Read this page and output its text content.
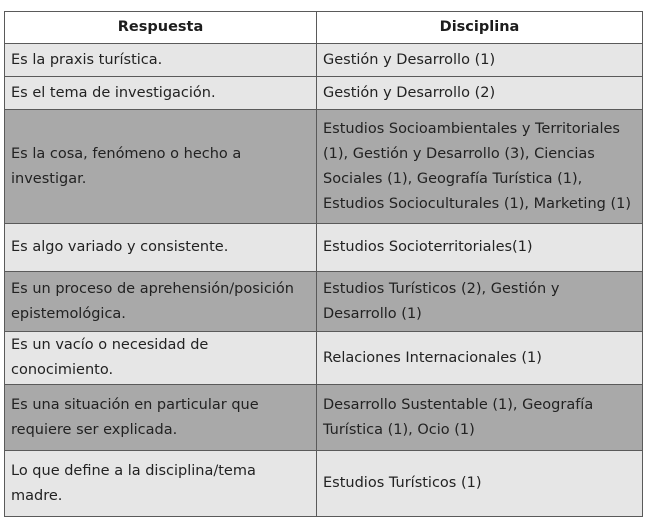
Respuesta	Disciplina
Es la praxis turística.	Gestión y Desarrollo (1)
Es el tema de investigación.	Gestión y Desarrollo (2)
Es la cosa, fenómeno o hecho a investigar.	Estudios Socioambientales y Territoriales (1), Gestión y Desarrollo (3), Ciencias Sociales (1), Geografía Turística (1), Estudios Socioculturales (1), Marketing (1)
Es algo variado y consistente.	Estudios Socioterritoriales(1)
Es un proceso de aprehensión/posición epistemológica.	Estudios Turísticos (2), Gestión y Desarrollo (1)
Es un vacío o necesidad de conocimiento.	Relaciones Internacionales (1)
Es una situación en particular que requiere ser explicada.	Desarrollo Sustentable (1), Geografía Turística (1), Ocio (1)
Lo que define a la disciplina/tema madre.	Estudios Turísticos (1)
